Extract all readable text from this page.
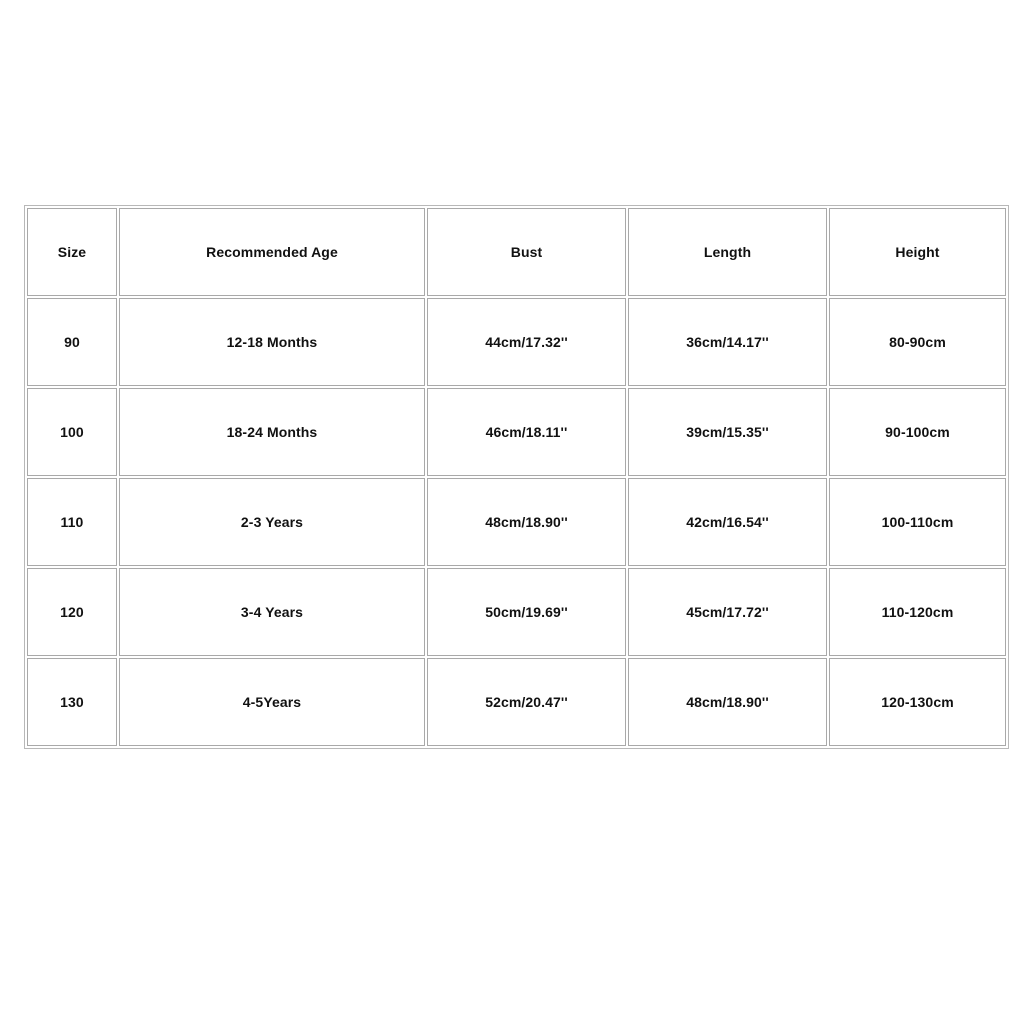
Size	Recommended Age	Bust	Length	Height
90	12-18 Months	44cm/17.32''	36cm/14.17''	80-90cm
100	18-24 Months	46cm/18.11''	39cm/15.35''	90-100cm
110	2-3 Years	48cm/18.90''	42cm/16.54''	100-110cm
120	3-4 Years	50cm/19.69''	45cm/17.72''	110-120cm
130	4-5Years	52cm/20.47''	48cm/18.90''	120-130cm
